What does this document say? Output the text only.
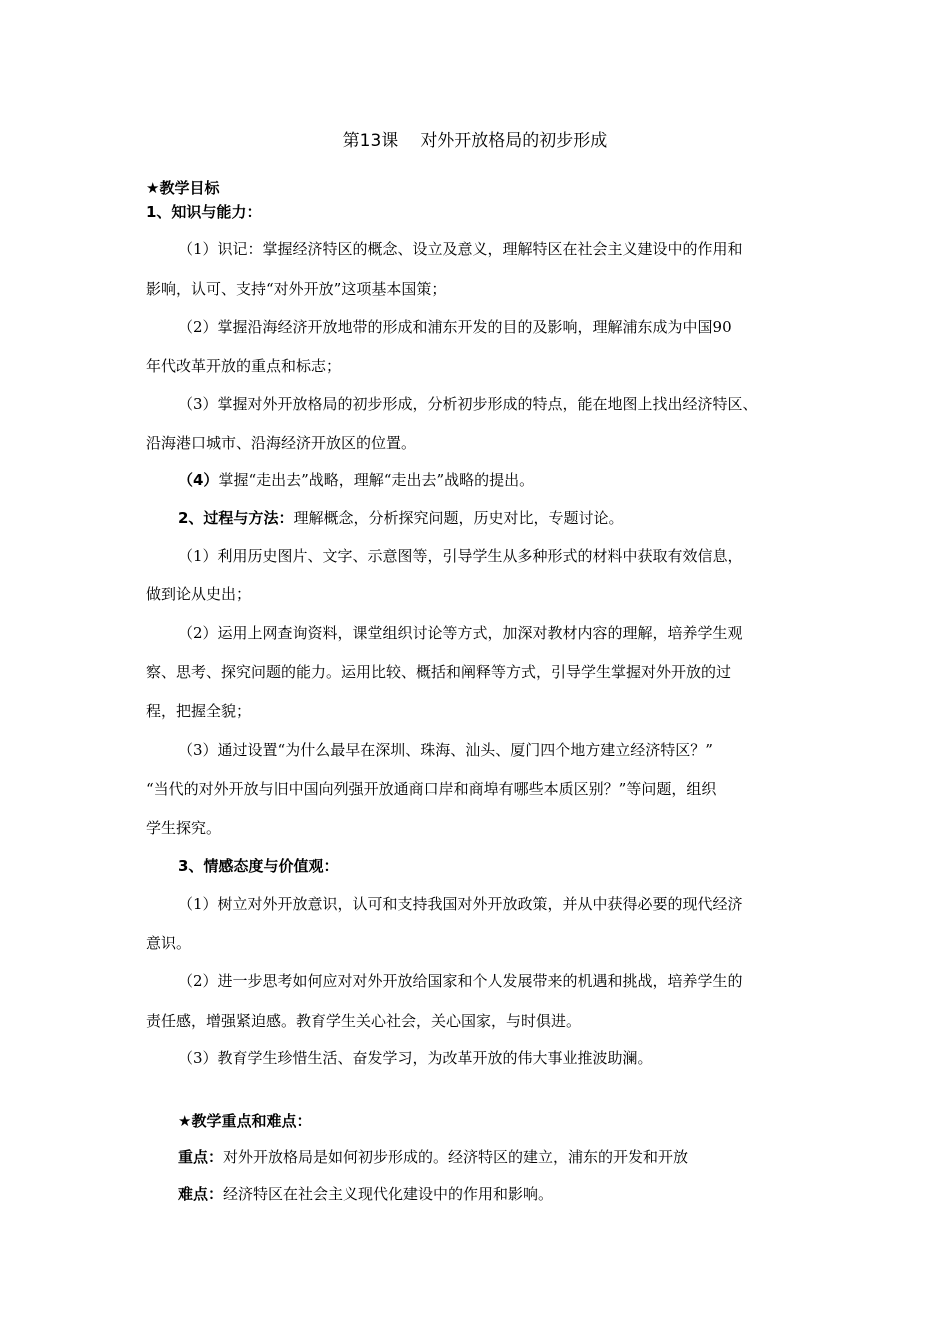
第13课 对外开放格局的初步形成
★教学目标
1、知识与能力：
（1）识记：掌握经济特区的概念、设立及意义，理解特区在社会主义建设中的作用和
影响，认可、支持“对外开放”这项基本国策；
（2）掌握沿海经济开放地带的形成和浦东开发的目的及影响，理解浦东成为中国90
年代改革开放的重点和标志；
（3）掌握对外开放格局的初步形成，分析初步形成的特点，能在地图上找出经济特区、
沿海港口城市、沿海经济开放区的位置。
（4）掌握“走出去”战略，理解“走出去”战略的提出。
2、过程与方法：理解概念，分析探究问题，历史对比，专题讨论。
（1）利用历史图片、文字、示意图等，引导学生从多种形式的材料中获取有效信息，
做到论从史出；
（2）运用上网查询资料，课堂组织讨论等方式，加深对教材内容的理解，培养学生观
察、思考、探究问题的能力。运用比较、概括和阐释等方式，引导学生掌握对外开放的过
程，把握全貌；
（3）通过设置“为什么最早在深圳、珠海、汕头、厦门四个地方建立经济特区？”
“当代的对外开放与旧中国向列强开放通商口岸和商埠有哪些本质区别？”等问题，组织
学生探究。
3、情感态度与价值观：
（1）树立对外开放意识，认可和支持我国对外开放政策，并从中获得必要的现代经济
意识。
（2）进一步思考如何应对对外开放给国家和个人发展带来的机遇和挑战，培养学生的
责任感，增强紧迫感。教育学生关心社会，关心国家，与时俱进。
（3）教育学生珍惜生活、奋发学习，为改革开放的伟大事业推波助澜。
★教学重点和难点：
重点：对外开放格局是如何初步形成的。经济特区的建立，浦东的开发和开放
难点：经济特区在社会主义现代化建设中的作用和影响。
